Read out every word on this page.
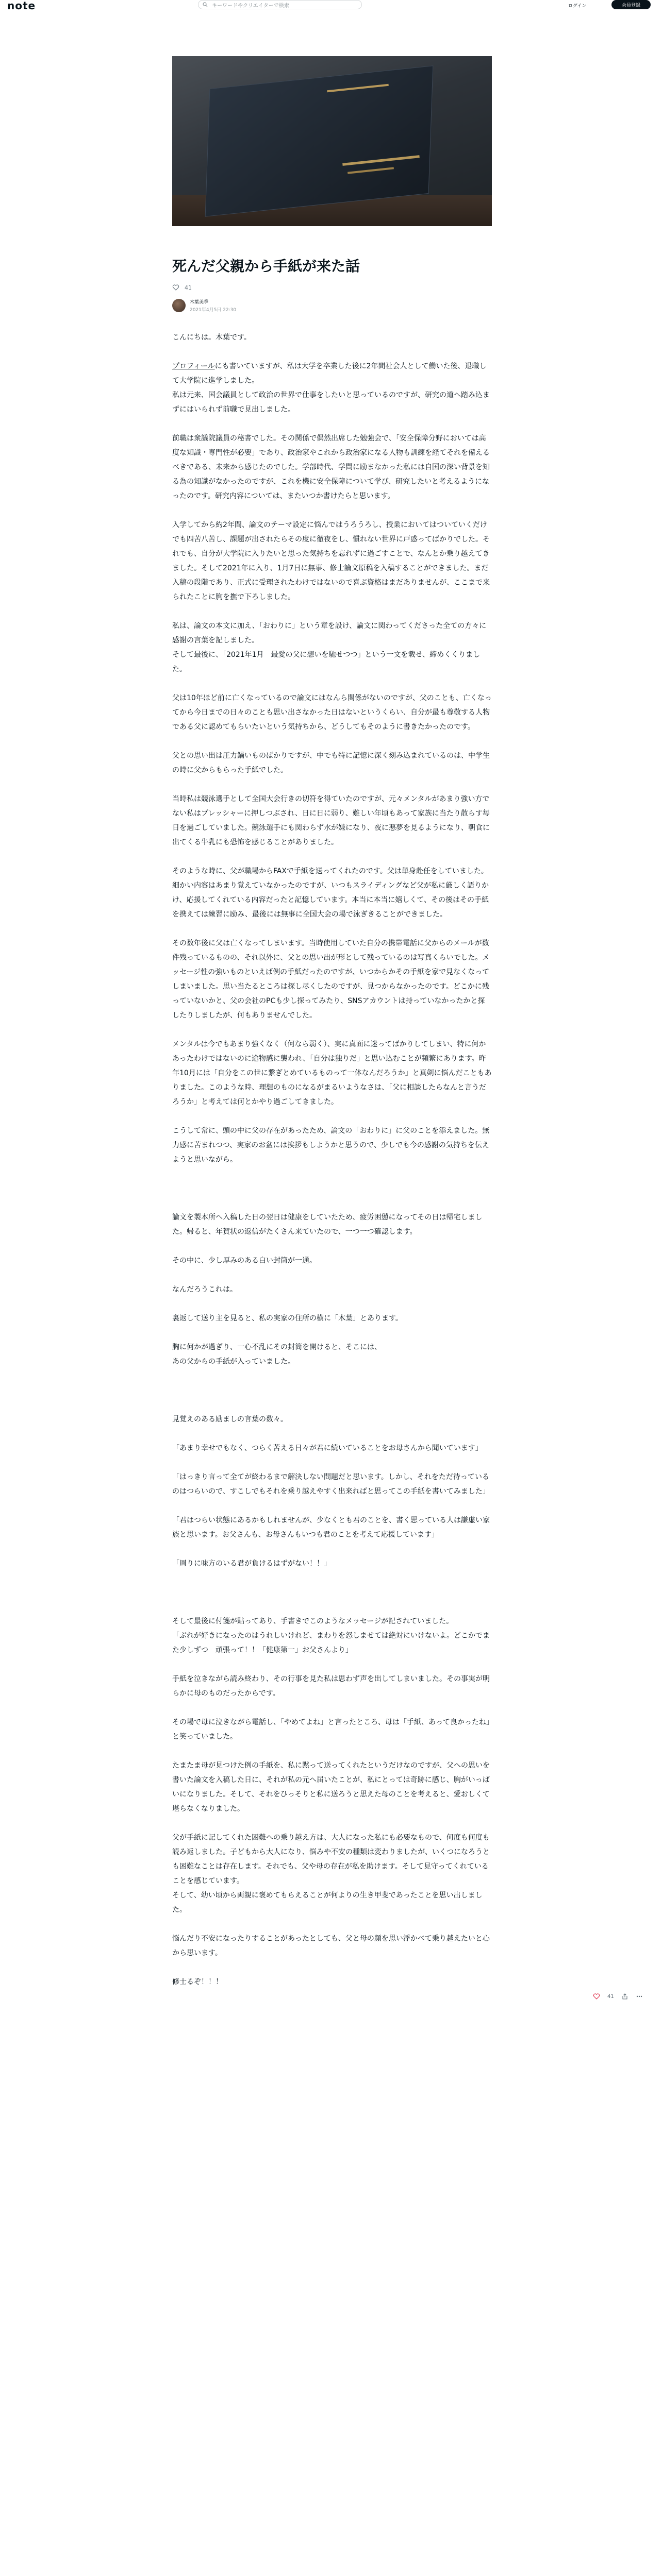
note	キーワードやクリエイターで検索	ログイン	会員登録
死んだ父親から手紙が来た話
41
木葉美季
2021年4月5日 22:30

こんにちは。木葉です。

プロフィールにも書いていますが、私は大学を卒業した後に2年間社会人として働いた後、退職して大学院に進学しました。
私は元来、国会議員として政治の世界で仕事をしたいと思っているのですが、研究の道へ踏み込まずにはいられず前職で見出しました。

前職は衆議院議員の秘書でした。その関係で偶然出席した勉強会で、「安全保障分野においては高度な知識・専門性が必要」であり、政治家やこれから政治家になる人物も訓練を経てそれを備えるべきである、未来から感じたのでした。学部時代、学問に励まなかった私には自国の深い背景を知る為の知識がなかったのですが、これを機に安全保障について学び、研究したいと考えるようになったのです。研究内容については、またいつか書けたらと思います。

入学してから約2年間、論文のテーマ設定に悩んではうろうろし、授業においてはついていくだけでも四苦八苦し、課題が出されたらその度に徹夜をし、慣れない世界に戸惑ってばかりでした。それでも、自分が大学院に入りたいと思った気持ちを忘れずに過ごすことで、なんとか乗り越えてきました。そして2021年に入り、1月7日に無事、修士論文原稿を入稿することができました。まだ入稿の段階であり、正式に受理されたわけではないので喜ぶ資格はまだありませんが、ここまで来られたことに胸を撫で下ろしました。

私は、論文の本文に加え、「おわりに」という章を設け、論文に関わってくださった全ての方々に感謝の言葉を記しました。
そして最後に、「2021年1月　最愛の父に想いを馳せつつ」という一文を載せ、締めくくりました。

父は10年ほど前に亡くなっているので論文にはなんら関係がないのですが、父のことも、亡くなってから今日までの日々のことも思い出さなかった日はないというくらい、自分が最も尊敬する人物である父に認めてもらいたいという気持ちから、どうしてもそのように書きたかったのです。

父との思い出は圧力鍋いものばかりですが、中でも特に記憶に深く刻み込まれているのは、中学生の時に父からもらった手紙でした。

当時私は競泳選手として全国大会行きの切符を得ていたのですが、元々メンタルがあまり強い方でない私はプレッシャーに押しつぶされ、日に日に弱り、難しい年頃もあって家族に当たり散らす毎日を過ごしていました。競泳選手にも関わらず水が嫌になり、夜に悪夢を見るようになり、朝食に出てくる牛乳にも恐怖を感じることがありました。

そのような時に、父が職場からFAXで手紙を送ってくれたのです。父は単身赴任をしていました。細かい内容はあまり覚えていなかったのですが、いつもスライディングなど父が私に厳しく語りかけ、応援してくれている内容だったと記憶しています。本当に本当に嬉しくて、その後はその手紙を携えては練習に励み、最後には無事に全国大会の場で泳ぎきることができました。

その数年後に父は亡くなってしまいます。当時使用していた自分の携帯電話に父からのメールが数件残っているものの、それ以外に、父との思い出が形として残っているのは写真くらいでした。メッセージ性の強いものといえば例の手紙だったのですが、いつからかその手紙を家で見なくなってしまいました。思い当たるところは探し尽くしたのですが、見つからなかったのです。どこかに残っていないかと、父の会社のPCも少し探ってみたり、SNSアカウントは持っていなかったかと探したりしましたが、何もありませんでした。

メンタルは今でもあまり強くなく（何なら弱く）、実に真面に迷ってばかりしてしまい、特に何かあったわけではないのに途物感に襲われ、「自分は独りだ」と思い込むことが頻繁にあります。昨年10月には「自分をこの世に繋ぎとめているものって一体なんだろうか」と真剣に悩んだこともありました。このような時、理想のものになるがまるいようなさは、「父に相談したらなんと言うだろうか」と考えては何とかやり過ごしてきました。

こうして常に、頭の中に父の存在があったため、論文の「おわりに」に父のことを添えました。無力感に苦まれつつ、実家のお盆には挨拶もしようかと思うので、少しでも今の感謝の気持ちを伝えようと思いながら。

論文を製本所へ入稿した日の翌日は健康をしていたため、疲労困憊になってその日は帰宅しました。帰ると、年賀状の返信がたくさん来ていたので、一つ一つ確認します。

その中に、少し厚みのある白い封筒が一通。

なんだろうこれは。

裏返して送り主を見ると、私の実家の住所の横に「木葉」とあります。

胸に何かが過ぎり、一心不乱にその封筒を開けると、そこには、
あの父からの手紙が入っていました。

見覚えのある励ましの言葉の数々。

「あまり幸せでもなく、つらく苦える日々が君に続いていることをお母さんから聞いています」

「はっきり言って全てが終わるまで解決しない問題だと思います。しかし、それをただ待っているのはつらいので、すこしでもそれを乗り越えやすく出来ればと思ってこの手紙を書いてみました」

「君はつらい状態にあるかもしれませんが、少なくとも君のことを、書く思っている人は謙虚い家族と思います。お父さんも、お母さんもいつも君のことを考えて応援しています」

「周りに味方のいる君が負けるはずがない！！」

そして最後に付箋が貼ってあり、手書きでこのようなメッセージが記されていました。
「ぶれが好きになったのはうれしいけれど、まわりを怒しませては絶対にいけないよ。どこかでまた少しずつ　頑張って！！「健康第一」お父さんより」

手紙を泣きながら読み終わり、その行事を見た私は思わず声を出してしまいました。その事実が明らかに母のものだったからです。

その場で母に泣きながら電話し、「やめてよね」と言ったところ、母は「手紙、あって良かったね」と笑っていました。

たまたま母が見つけた例の手紙を、私に黙って送ってくれたというだけなのですが、父への思いを書いた論文を入稿した日に、それが私の元へ届いたことが、私にとっては奇跡に感じ、胸がいっぱいになりました。そして、それをひっそりと私に送ろうと思えた母のことを考えると、愛おしくて堪らなくなりました。

父が手紙に記してくれた困難への乗り越え方は、大人になった私にも必要なもので、何度も何度も読み返しました。子どもから大人になり、悩みや不安の種類は変わりましたが、いくつになろうとも困難なことは存在します。それでも、父や母の存在が私を助けます。そして見守ってくれていることを感じています。
そして、幼い頃から両親に褒めてもらえることが何よりの生き甲斐であったことを思い出しました。

悩んだり不安になったりすることがあったとしても、父と母の顔を思い浮かべて乗り越えたいと心から思います。

修士るぞ！！！

41
